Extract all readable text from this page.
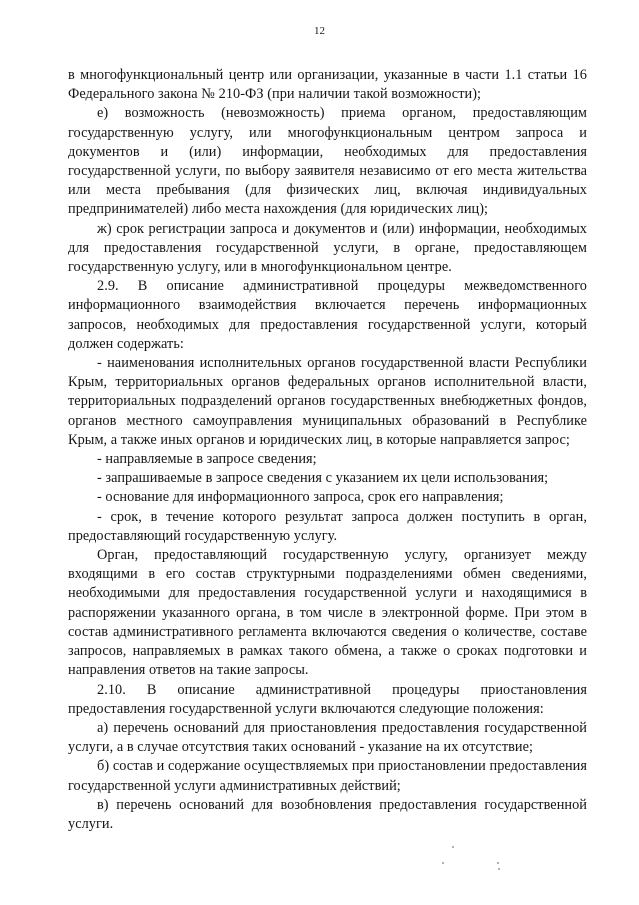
12

в многофункциональный центр или организации, указанные в части 1.1 статьи 16 Федерального закона № 210-ФЗ (при наличии такой возможности);

е) возможность (невозможность) приема органом, предоставляющим государственную услугу, или многофункциональным центром запроса и документов и (или) информации, необходимых для предоставления государственной услуги, по выбору заявителя независимо от его места жительства или места пребывания (для физических лиц, включая индивидуальных предпринимателей) либо места нахождения (для юридических лиц);

ж) срок регистрации запроса и документов и (или) информации, необходимых для предоставления государственной услуги, в органе, предоставляющем государственную услугу, или в многофункциональном центре.

2.9. В описание административной процедуры межведомственного информационного взаимодействия включается перечень информационных запросов, необходимых для предоставления государственной услуги, который должен содержать:

- наименования исполнительных органов государственной власти Республики Крым, территориальных органов федеральных органов исполнительной власти, территориальных подразделений органов государственных внебюджетных фондов, органов местного самоуправления муниципальных образований в Республике Крым, а также иных органов и юридических лиц, в которые направляется запрос;

- направляемые в запросе сведения;

- запрашиваемые в запросе сведения с указанием их цели использования;

- основание для информационного запроса, срок его направления;

- срок, в течение которого результат запроса должен поступить в орган, предоставляющий государственную услугу.

Орган, предоставляющий государственную услугу, организует между входящими в его состав структурными подразделениями обмен сведениями, необходимыми для предоставления государственной услуги и находящимися в распоряжении указанного органа, в том числе в электронной форме. При этом в состав административного регламента включаются сведения о количестве, составе запросов, направляемых в рамках такого обмена, а также о сроках подготовки и направления ответов на такие запросы.

2.10. В описание административной процедуры приостановления предоставления государственной услуги включаются следующие положения:

а) перечень оснований для приостановления предоставления государственной услуги, а в случае отсутствия таких оснований - указание на их отсутствие;

б) состав и содержание осуществляемых при приостановлении предоставления государственной услуги административных действий;

в) перечень оснований для возобновления предоставления государственной услуги.
